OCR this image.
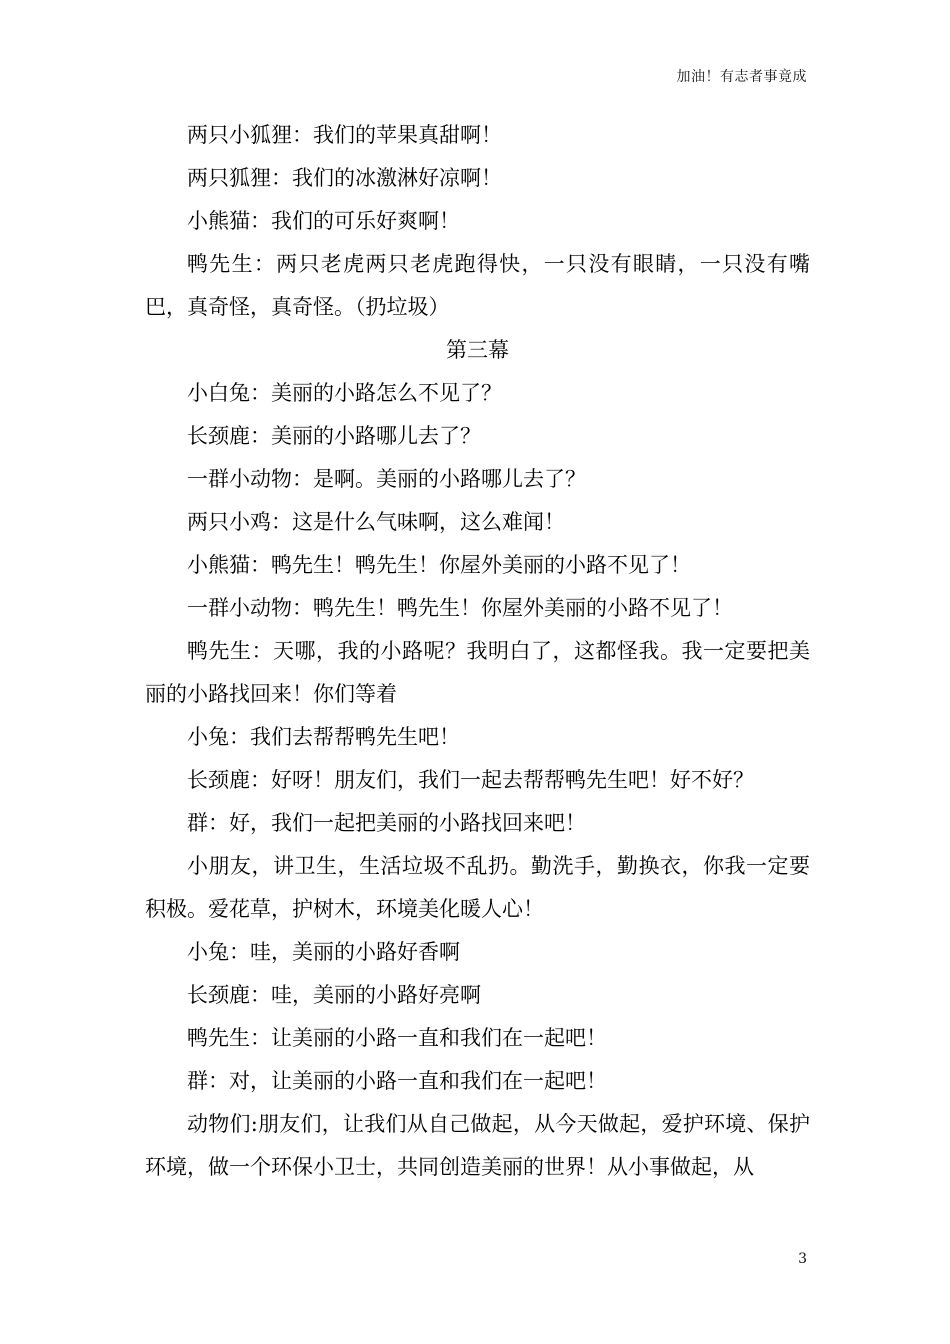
加油！有志者事竟成

两只小狐狸：我们的苹果真甜啊！

两只狐狸：我们的冰激淋好凉啊！

小熊猫：我们的可乐好爽啊！

鸭先生：两只老虎两只老虎跑得快，一只没有眼睛，一只没有嘴巴，真奇怪，真奇怪。（扔垃圾）

第三幕

小白兔：美丽的小路怎么不见了？

长颈鹿：美丽的小路哪儿去了？

一群小动物：是啊。美丽的小路哪儿去了？

两只小鸡：这是什么气味啊，这么难闻！

小熊猫：鸭先生！鸭先生！你屋外美丽的小路不见了！

一群小动物：鸭先生！鸭先生！你屋外美丽的小路不见了！

鸭先生：天哪，我的小路呢？我明白了，这都怪我。我一定要把美丽的小路找回来！你们等着

小兔：我们去帮帮鸭先生吧！

长颈鹿：好呀！朋友们，我们一起去帮帮鸭先生吧！好不好？

群：好，我们一起把美丽的小路找回来吧！

小朋友，讲卫生，生活垃圾不乱扔。勤洗手，勤换衣，你我一定要积极。爱花草，护树木，环境美化暖人心！

小兔：哇，美丽的小路好香啊

长颈鹿：哇，美丽的小路好亮啊

鸭先生：让美丽的小路一直和我们在一起吧！

群：对，让美丽的小路一直和我们在一起吧！

动物们:朋友们，让我们从自己做起，从今天做起，爱护环境、保护环境，做一个环保小卫士，共同创造美丽的世界！从小事做起，从

3
